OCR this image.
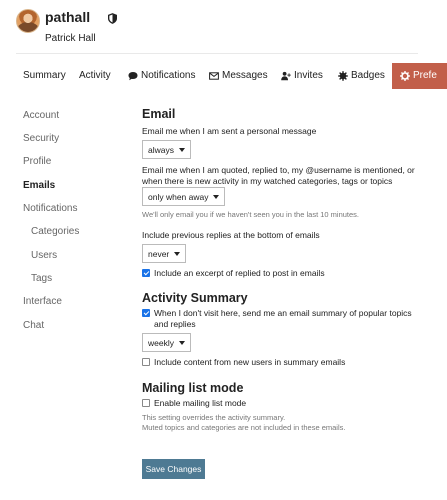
pathall
Patrick Hall
Summary Activity	Notifications	Messages	Invites	Badges	Prefe
Account
Security
Profile
Emails
Notifications
Categories
Users
Tags
Interface
Chat
Email
Email me when I am sent a personal message
always
Email me when I am quoted, replied to, my @username is mentioned, or when there is new activity in my watched categories, tags or topics
only when away
We'll only email you if we haven't seen you in the last 10 minutes.
Include previous replies at the bottom of emails
never
Include an excerpt of replied to post in emails
Activity Summary
When I don't visit here, send me an email summary of popular topics and replies
weekly
Include content from new users in summary emails
Mailing list mode
Enable mailing list mode
This setting overrides the activity summary.
Muted topics and categories are not included in these emails.
Save Changes
